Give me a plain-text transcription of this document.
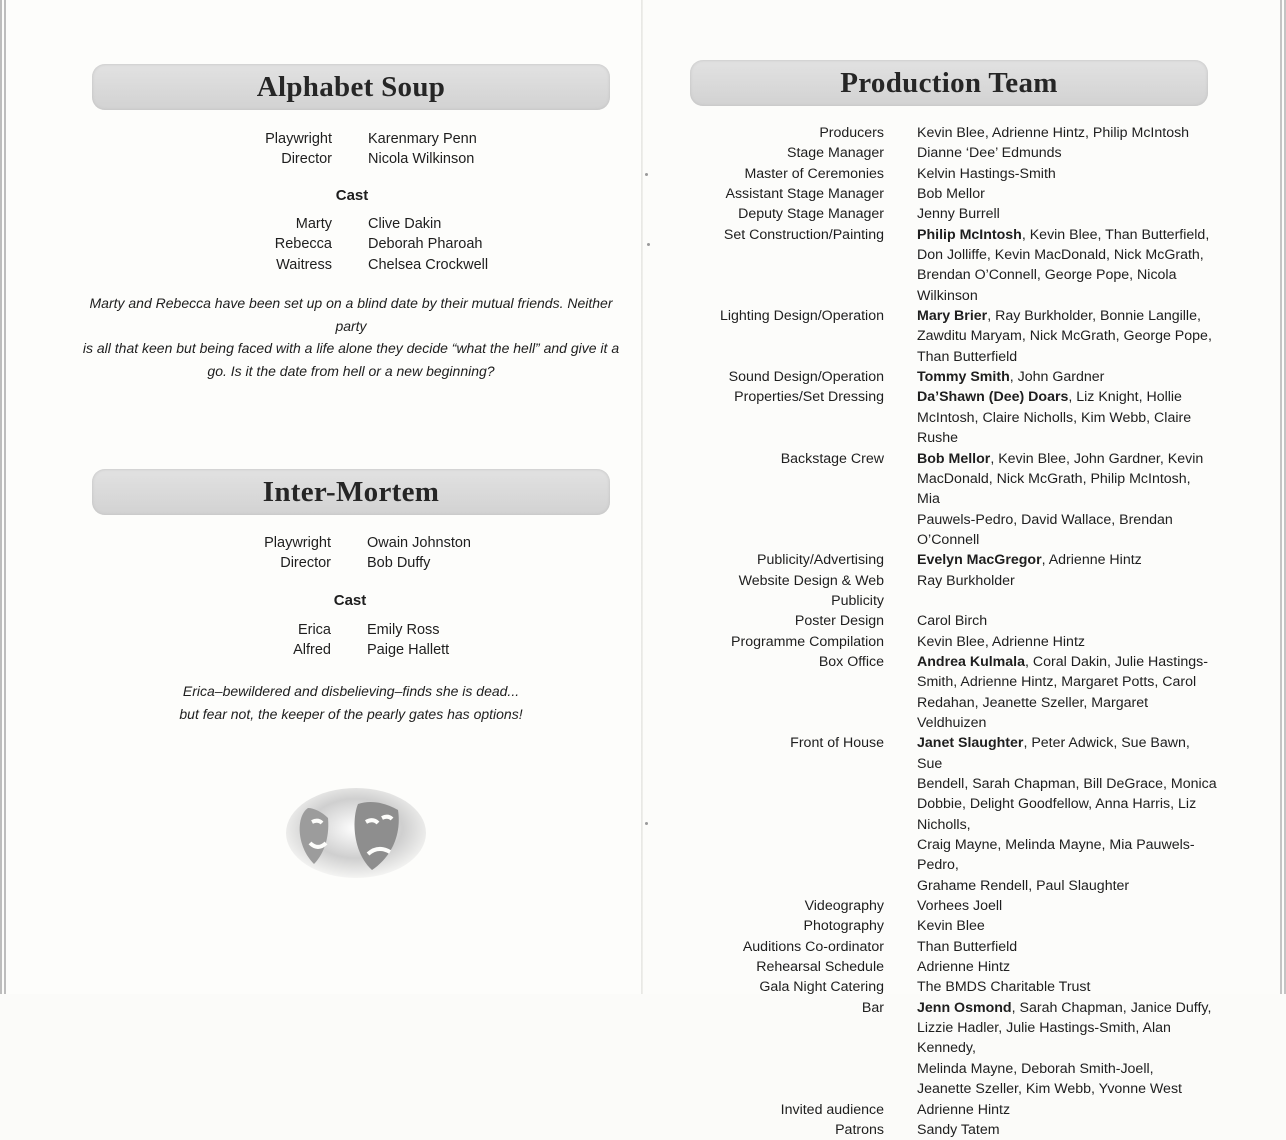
Alphabet Soup
Playwright Karenmary Penn
Director Nicola Wilkinson
Cast
Marty Clive Dakin
Rebecca Deborah Pharoah
Waitress Chelsea Crockwell
Marty and Rebecca have been set up on a blind date by their mutual friends. Neither party
is all that keen but being faced with a life alone they decide “what the hell” and give it a
go. Is it the date from hell or a new beginning?
Inter-Mortem
Playwright Owain Johnston
Director Bob Duffy
Cast
Erica Emily Ross
Alfred Paige Hallett
Erica–bewildered and disbelieving–finds she is dead...
but fear not, the keeper of the pearly gates has options!
Production Team
Producers Kevin Blee, Adrienne Hintz, Philip McIntosh
Stage Manager Dianne ‘Dee’ Edmunds
Master of Ceremonies Kelvin Hastings-Smith
Assistant Stage Manager Bob Mellor
Deputy Stage Manager Jenny Burrell
Set Construction/Painting Philip McIntosh, Kevin Blee, Than Butterfield,
Don Jolliffe, Kevin MacDonald, Nick McGrath,
Brendan O’Connell, George Pope, Nicola Wilkinson
Lighting Design/Operation Mary Brier, Ray Burkholder, Bonnie Langille,
Zawditu Maryam, Nick McGrath, George Pope,
Than Butterfield
Sound Design/Operation Tommy Smith, John Gardner
Properties/Set Dressing Da’Shawn (Dee) Doars, Liz Knight, Hollie
McIntosh, Claire Nicholls, Kim Webb, Claire Rushe
Backstage Crew Bob Mellor, Kevin Blee, John Gardner, Kevin
MacDonald, Nick McGrath, Philip McIntosh, Mia
Pauwels-Pedro, David Wallace, Brendan O’Connell
Publicity/Advertising Evelyn MacGregor, Adrienne Hintz
Website Design & Web Publicity
Ray Burkholder
Poster Design Carol Birch
Programme Compilation Kevin Blee, Adrienne Hintz
Box Office Andrea Kulmala, Coral Dakin, Julie Hastings-
Smith, Adrienne Hintz, Margaret Potts, Carol
Redahan, Jeanette Szeller, Margaret Veldhuizen
Front of House Janet Slaughter, Peter Adwick, Sue Bawn, Sue
Bendell, Sarah Chapman, Bill DeGrace, Monica
Dobbie, Delight Goodfellow, Anna Harris, Liz Nicholls,
Craig Mayne, Melinda Mayne, Mia Pauwels-Pedro,
Grahame Rendell, Paul Slaughter
Videography Vorhees Joell
Photography Kevin Blee
Auditions Co-ordinator Than Butterfield
Rehearsal Schedule Adrienne Hintz
Gala Night Catering The BMDS Charitable Trust
Bar Jenn Osmond, Sarah Chapman, Janice Duffy,
Lizzie Hadler, Julie Hastings-Smith, Alan Kennedy,
Melinda Mayne, Deborah Smith-Joell,
Jeanette Szeller, Kim Webb, Yvonne West
Invited audience Adrienne Hintz
Patrons Sandy Tatem
